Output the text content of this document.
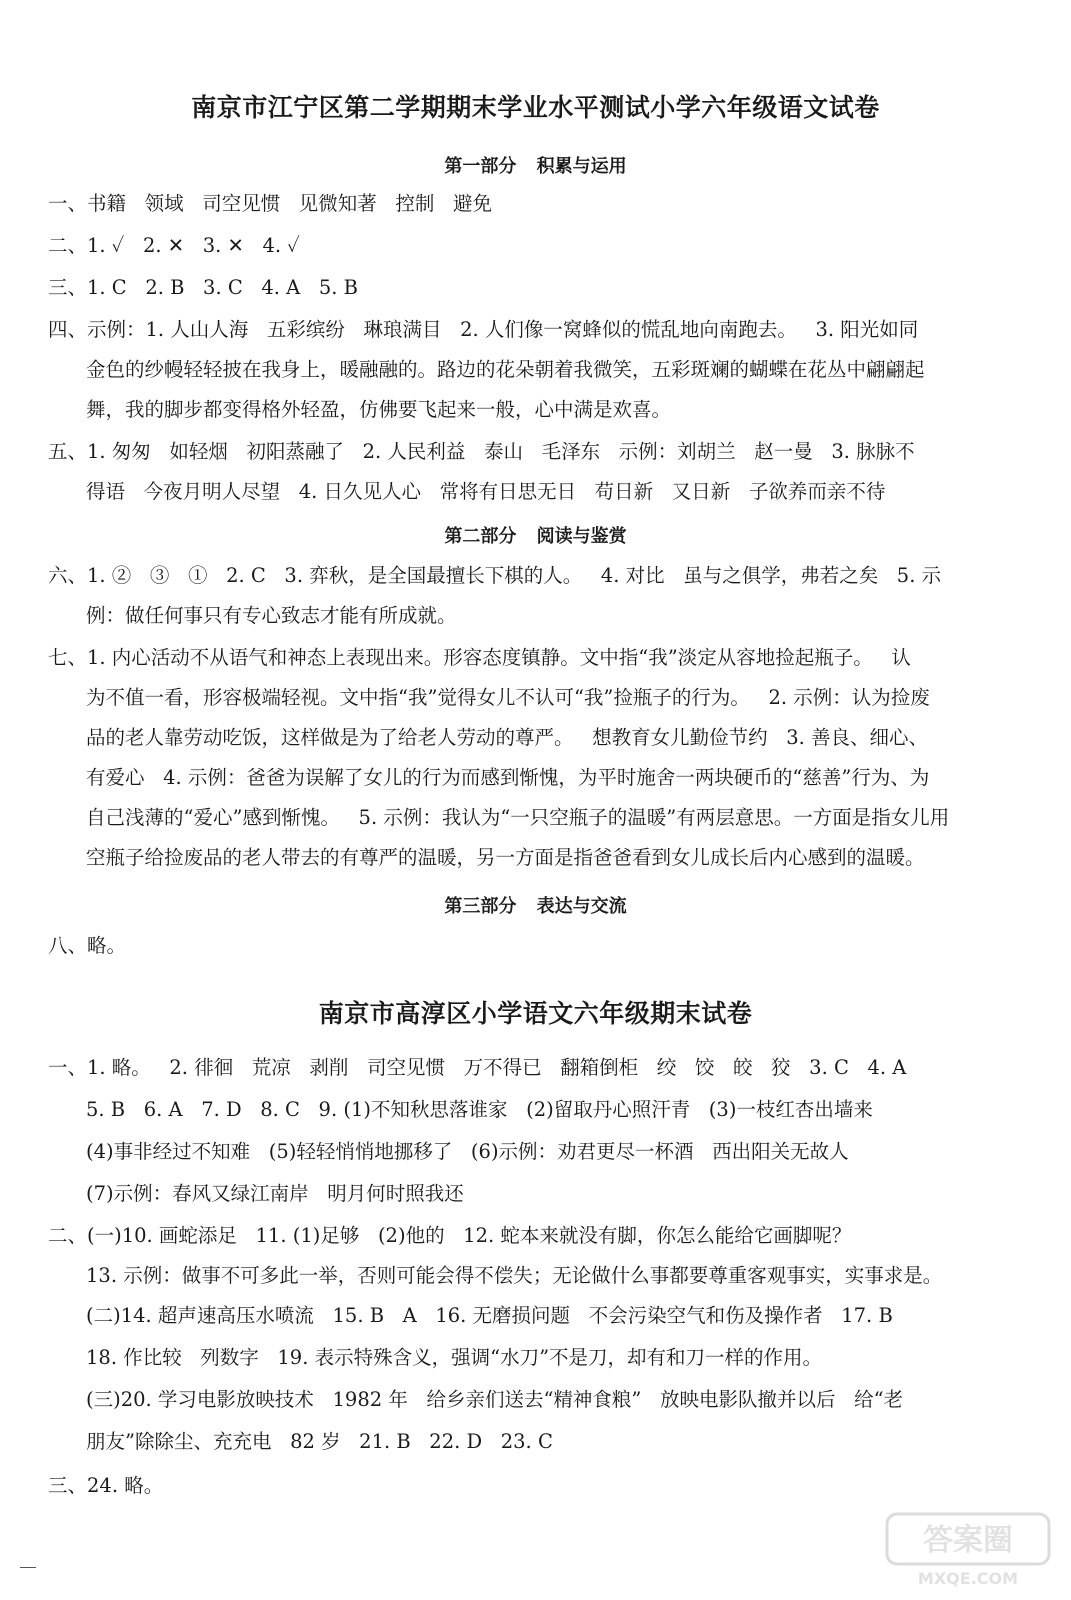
南京市江宁区第二学期期末学业水平测试小学六年级语文试卷
第一部分 积累与运用
一、书籍   领域   司空见惯   见微知著   控制   避免
二、1. ✓   2. ✕   3. ✕   4. ✓
三、1. C   2. B   3. C   4. A   5. B
四、示例：1. 人山人海   五彩缤纷   琳琅满目   2. 人们像一窝蜂似的慌乱地向南跑去。   3. 阳光如同
金色的纱幔轻轻披在我身上，暖融融的。路边的花朵朝着我微笑，五彩斑斓的蝴蝶在花丛中翩翩起
舞，我的脚步都变得格外轻盈，仿佛要飞起来一般，心中满是欢喜。
五、1. 匆匆   如轻烟   初阳蒸融了   2. 人民利益   泰山   毛泽东   示例：刘胡兰   赵一曼   3. 脉脉不
得语   今夜月明人尽望   4. 日久见人心   常将有日思无日   苟日新   又日新   子欲养而亲不待
第二部分 阅读与鉴赏
六、1. ②   ③   ①   2. C   3. 弈秋，是全国最擅长下棋的人。   4. 对比   虽与之俱学，弗若之矣   5. 示
例：做任何事只有专心致志才能有所成就。
七、1. 内心活动不从语气和神态上表现出来。形容态度镇静。文中指“我”淡定从容地捡起瓶子。   认
为不值一看，形容极端轻视。文中指“我”觉得女儿不认可“我”捡瓶子的行为。   2. 示例：认为捡废
品的老人靠劳动吃饭，这样做是为了给老人劳动的尊严。   想教育女儿勤俭节约   3. 善良、细心、
有爱心   4. 示例：爸爸为误解了女儿的行为而感到惭愧，为平时施舍一两块硬币的“慈善”行为、为
自己浅薄的“爱心”感到惭愧。   5. 示例：我认为“一只空瓶子的温暖”有两层意思。一方面是指女儿用
空瓶子给捡废品的老人带去的有尊严的温暖，另一方面是指爸爸看到女儿成长后内心感到的温暖。
第三部分 表达与交流
八、略。
南京市高淳区小学语文六年级期末试卷
一、1. 略。   2. 徘徊   荒凉   剥削   司空见惯   万不得已   翻箱倒柜   绞   饺   皎   狡   3. C   4. A
5. B   6. A   7. D   8. C   9. (1)不知秋思落谁家   (2)留取丹心照汗青   (3)一枝红杏出墙来
(4)事非经过不知难   (5)轻轻悄悄地挪移了   (6)示例：劝君更尽一杯酒   西出阳关无故人
(7)示例：春风又绿江南岸   明月何时照我还
二、(一)10. 画蛇添足   11. (1)足够   (2)他的   12. 蛇本来就没有脚，你怎么能给它画脚呢？
13. 示例：做事不可多此一举，否则可能会得不偿失；无论做什么事都要尊重客观事实，实事求是。
(二)14. 超声速高压水喷流   15. B   A   16. 无磨损问题   不会污染空气和伤及操作者   17. B
18. 作比较   列数字   19. 表示特殊含义，强调“水刀”不是刀，却有和刀一样的作用。
(三)20. 学习电影放映技术   1982 年   给乡亲们送去“精神食粮”   放映电影队撤并以后   给“老
朋友”除除尘、充充电   82 岁   21. B   22. D   23. C
三、24. 略。
答案圈
MXQE.COM
